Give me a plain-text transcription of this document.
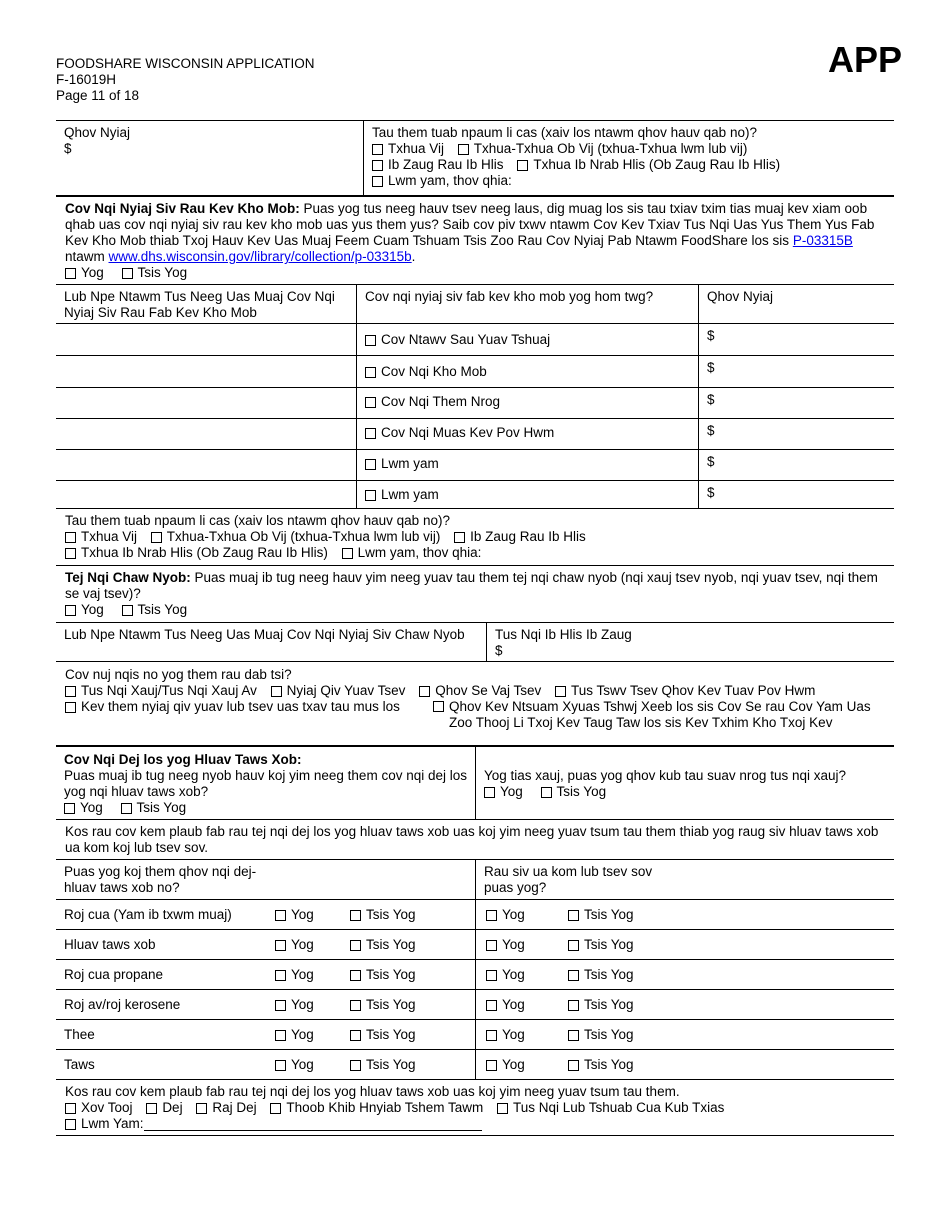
FOODSHARE WISCONSIN APPLICATION
F-16019H
Page 11 of 18
APP
Qhov Nyiaj
$
Tau them tuab npaum li cas (xaiv los ntawm qhov hauv qab no)?
Txhua Vij Txhua-Txhua Ob Vij (txhua-Txhua lwm lub vij)
Ib Zaug Rau Ib Hlis Txhua Ib Nrab Hlis (Ob Zaug Rau Ib Hlis)
Lwm yam, thov qhia:
Cov Nqi Nyiaj Siv Rau Kev Kho Mob: Puas yog tus neeg hauv tsev neeg laus, dig muag los sis tau txiav txim tias muaj kev xiam oob qhab uas cov nqi nyiaj siv rau kev kho mob uas yus them yus? Saib cov piv txwv ntawm Cov Kev Txiav Tus Nqi Uas Yus Them Yus Fab Kev Kho Mob thiab Txoj Hauv Kev Uas Muaj Feem Cuam Tshuam Tsis Zoo Rau Cov Nyiaj Pab Ntawm FoodShare los sis P-03315B ntawm www.dhs.wisconsin.gov/library/collection/p-03315b.
Yog	Tsis Yog
Lub Npe Ntawm Tus Neeg Uas Muaj Cov Nqi Nyiaj Siv Rau Fab Kev Kho Mob
Cov nqi nyiaj siv fab kev kho mob yog hom twg?	Qhov Nyiaj
Cov Ntawv Sau Yuav Tshuaj	$
Cov Nqi Kho Mob	$
Cov Nqi Them Nrog	$
Cov Nqi Muas Kev Pov Hwm	$
Lwm yam	$
Lwm yam	$
Tau them tuab npaum li cas (xaiv los ntawm qhov hauv qab no)?
Txhua Vij Txhua-Txhua Ob Vij (txhua-Txhua lwm lub vij) Ib Zaug Rau Ib Hlis
Txhua Ib Nrab Hlis (Ob Zaug Rau Ib Hlis) Lwm yam, thov qhia:
Tej Nqi Chaw Nyob: Puas muaj ib tug neeg hauv yim neeg yuav tau them tej nqi chaw nyob (nqi xauj tsev nyob, nqi yuav tsev, nqi them se vaj tsev)?
Yog	Tsis Yog
Lub Npe Ntawm Tus Neeg Uas Muaj Cov Nqi Nyiaj Siv Chaw Nyob	Tus Nqi Ib Hlis Ib Zaug
$
Cov nuj nqis no yog them rau dab tsi?
Tus Nqi Xauj/Tus Nqi Xauj Av Nyiaj Qiv Yuav Tsev Qhov Se Vaj Tsev Tus Tswv Tsev Qhov Kev Tuav Pov Hwm
Kev them nyiaj qiv yuav lub tsev uas txav tau mus los	Qhov Kev Ntsuam Xyuas Tshwj Xeeb los sis Cov Se rau Cov Yam Uas Zoo Thooj Li Txoj Kev Taug Taw los sis Kev Txhim Kho Txoj Kev
Cov Nqi Dej los yog Hluav Taws Xob:
Puas muaj ib tug neeg nyob hauv koj yim neeg them cov nqi dej los yog nqi hluav taws xob?
Yog	Tsis Yog
Yog tias xauj, puas yog qhov kub tau suav nrog tus nqi xauj?
Yog	Tsis Yog
Kos rau cov kem plaub fab rau tej nqi dej los yog hluav taws xob uas koj yim neeg yuav tsum tau them thiab yog raug siv hluav taws xob ua kom koj lub tsev sov.
Puas yog koj them qhov nqi dej-hluav taws xob no?
Rau siv ua kom lub tsev sov puas yog?
Roj cua (Yam ib txwm muaj)	Yog	Tsis Yog	Yog	Tsis Yog
Hluav taws xob	Yog	Tsis Yog	Yog	Tsis Yog
Roj cua propane	Yog	Tsis Yog	Yog	Tsis Yog
Roj av/roj kerosene	Yog	Tsis Yog	Yog	Tsis Yog
Thee	Yog	Tsis Yog	Yog	Tsis Yog
Taws	Yog	Tsis Yog	Yog	Tsis Yog
Kos rau cov kem plaub fab rau tej nqi dej los yog hluav taws xob uas koj yim neeg yuav tsum tau them.
Xov Tooj Dej Raj Dej Thoob Khib Hnyiab Tshem Tawm Tus Nqi Lub Tshuab Cua Kub Txias
Lwm Yam:
